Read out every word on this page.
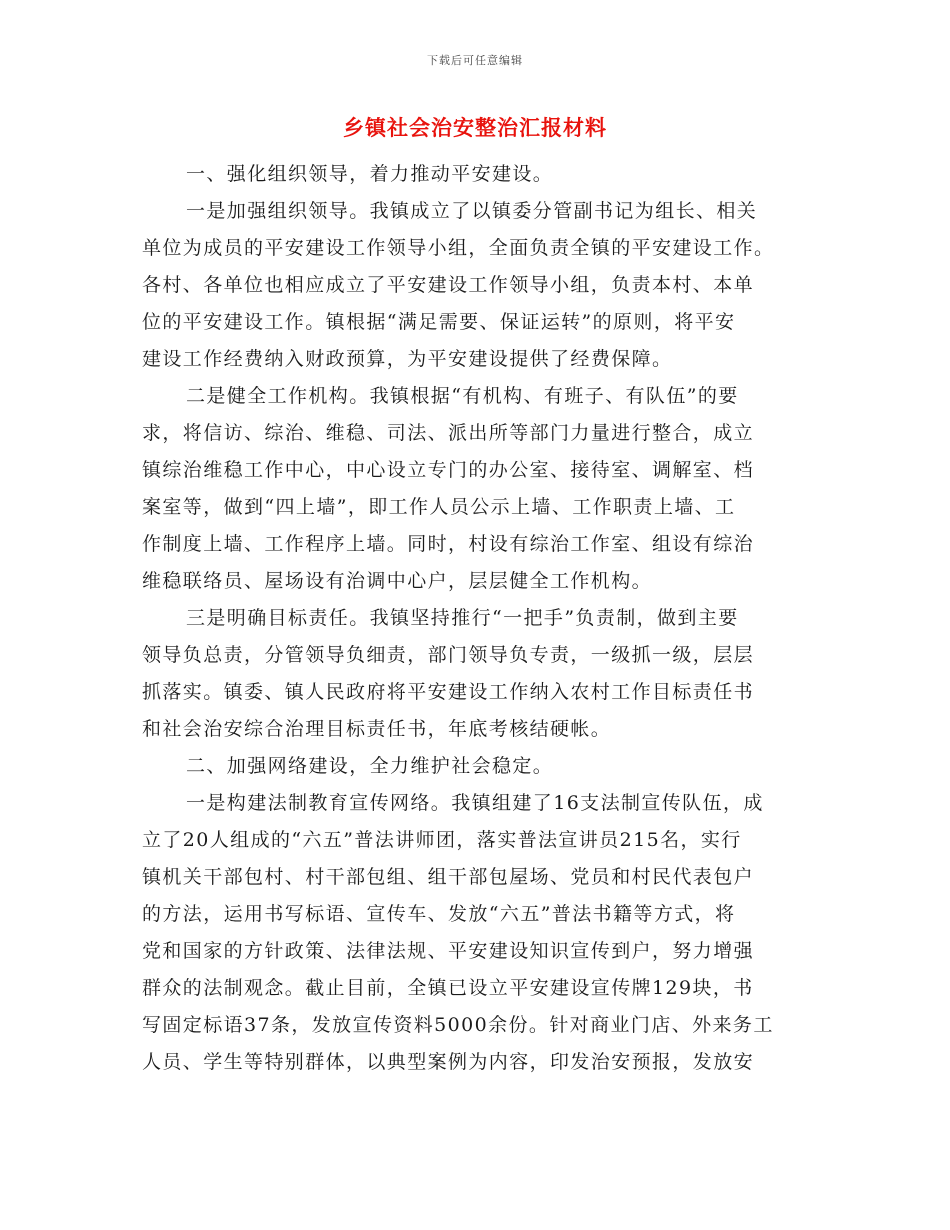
下载后可任意编辑
乡镇社会治安整治汇报材料
一、强化组织领导，着力推动平安建设。
一是加强组织领导。我镇成立了以镇委分管副书记为组长、相关
单位为成员的平安建设工作领导小组，全面负责全镇的平安建设工作。
各村、各单位也相应成立了平安建设工作领导小组，负责本村、本单
位的平安建设工作。镇根据“满足需要、保证运转”的原则，将平安
建设工作经费纳入财政预算，为平安建设提供了经费保障。
二是健全工作机构。我镇根据“有机构、有班子、有队伍”的要
求，将信访、综治、维稳、司法、派出所等部门力量进行整合，成立
镇综治维稳工作中心，中心设立专门的办公室、接待室、调解室、档
案室等，做到“四上墙”，即工作人员公示上墙、工作职责上墙、工
作制度上墙、工作程序上墙。同时，村设有综治工作室、组设有综治
维稳联络员、屋场设有治调中心户，层层健全工作机构。
三是明确目标责任。我镇坚持推行“一把手”负责制，做到主要
领导负总责，分管领导负细责，部门领导负专责，一级抓一级，层层
抓落实。镇委、镇人民政府将平安建设工作纳入农村工作目标责任书
和社会治安综合治理目标责任书，年底考核结硬帐。
二、加强网络建设，全力维护社会稳定。
一是构建法制教育宣传网络。我镇组建了16支法制宣传队伍，成
立了20人组成的“六五”普法讲师团，落实普法宣讲员215名，实行
镇机关干部包村、村干部包组、组干部包屋场、党员和村民代表包户
的方法，运用书写标语、宣传车、发放“六五”普法书籍等方式，将
党和国家的方针政策、法律法规、平安建设知识宣传到户，努力增强
群众的法制观念。截止目前，全镇已设立平安建设宣传牌129块，书
写固定标语37条，发放宣传资料5000余份。针对商业门店、外来务工
人员、学生等特别群体，以典型案例为内容，印发治安预报，发放安
